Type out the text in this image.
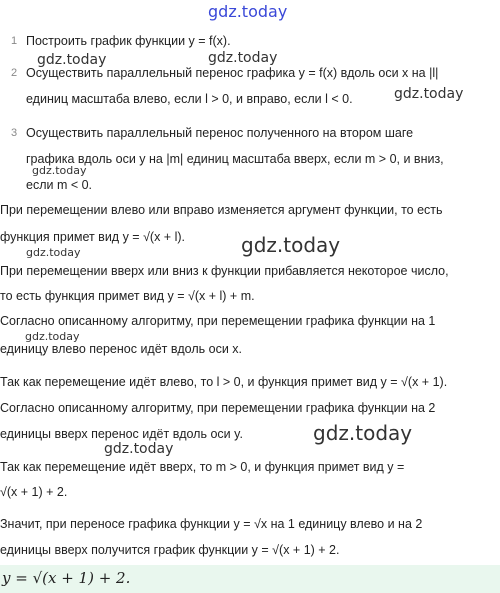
gdz.today
1 Построить график функции y = f(x).
gdz.today	gdz.today
2 Осуществить параллельный перенос графика y = f(x) вдоль оси x на |l|
единиц масштаба влево, если l > 0, и вправо, если l < 0.	gdz.today
3 Осуществить параллельный перенос полученного на втором шаге
графика вдоль оси y на |m| единиц масштаба вверх, если m > 0, и вниз,
если m < 0.
gdz.today
При перемещении влево или вправо изменяется аргумент функции, то есть
функция примет вид y = √(x + l).	gdz.today
gdz.today
При перемещении вверх или вниз к функции прибавляется некоторое число,
то есть функция примет вид y = √(x + l) + m.
Согласно описанному алгоритму, при перемещении графика функции на 1
gdz.today
единицу влево перенос идёт вдоль оси x.
Так как перемещение идёт влево, то l > 0, и функция примет вид y = √(x + 1).
Согласно описанному алгоритму, при перемещении графика функции на 2
единицы вверх перенос идёт вдоль оси y.	gdz.today
gdz.today
Так как перемещение идёт вверх, то m > 0, и функция примет вид y =
√(x + 1) + 2.
Значит, при переносе графика функции y = √x на 1 единицу влево и на 2
единицы вверх получится график функции y = √(x + 1) + 2.
y = √(x + 1) + 2.
